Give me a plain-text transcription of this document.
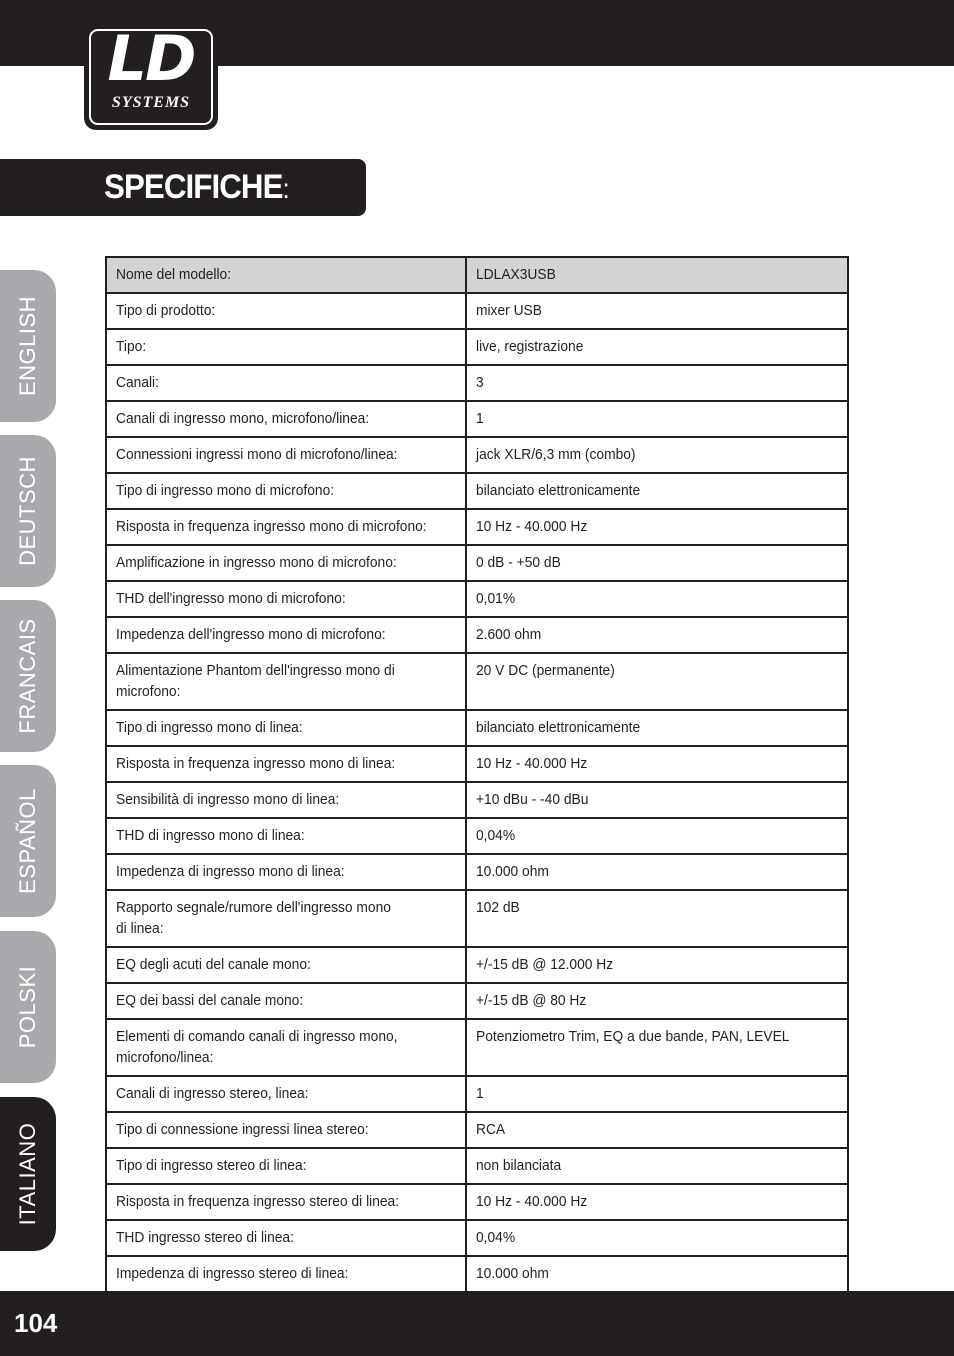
LD
SYSTEMS
SPECIFICHE:
ENGLISH
DEUTSCH
FRANCAIS
ESPAÑOL
POLSKI
ITALIANO
Nome del modello:	LDLAX3USB
Tipo di prodotto:	mixer USB
Tipo:	live, registrazione
Canali:	3
Canali di ingresso mono, microfono/linea:	1
Connessioni ingressi mono di microfono/linea:	jack XLR/6,3 mm (combo)
Tipo di ingresso mono di microfono:	bilanciato elettronicamente
Risposta in frequenza ingresso mono di microfono:	10 Hz - 40.000 Hz
Amplificazione in ingresso mono di microfono:	0 dB - +50 dB
THD dell'ingresso mono di microfono:	0,01%
Impedenza dell'ingresso mono di microfono:	2.600 ohm
Alimentazione Phantom dell'ingresso mono di
microfono:	20 V DC (permanente)
Tipo di ingresso mono di linea:	bilanciato elettronicamente
Risposta in frequenza ingresso mono di linea:	10 Hz - 40.000 Hz
Sensibilità di ingresso mono di linea:	+10 dBu - -40 dBu
THD di ingresso mono di linea:	0,04%
Impedenza di ingresso mono di linea:	10.000 ohm
Rapporto segnale/rumore dell'ingresso mono
di linea:	102 dB
EQ degli acuti del canale mono:	+/-15 dB @ 12.000 Hz
EQ dei bassi del canale mono:	+/-15 dB @ 80 Hz
Elementi di comando canali di ingresso mono,
microfono/linea:	Potenziometro Trim, EQ a due bande, PAN, LEVEL
Canali di ingresso stereo, linea:	1
Tipo di connessione ingressi linea stereo:	RCA
Tipo di ingresso stereo di linea:	non bilanciata
Risposta in frequenza ingresso stereo di linea:	10 Hz - 40.000 Hz
THD ingresso stereo di linea:	0,04%
Impedenza di ingresso stereo di linea:	10.000 ohm

104
